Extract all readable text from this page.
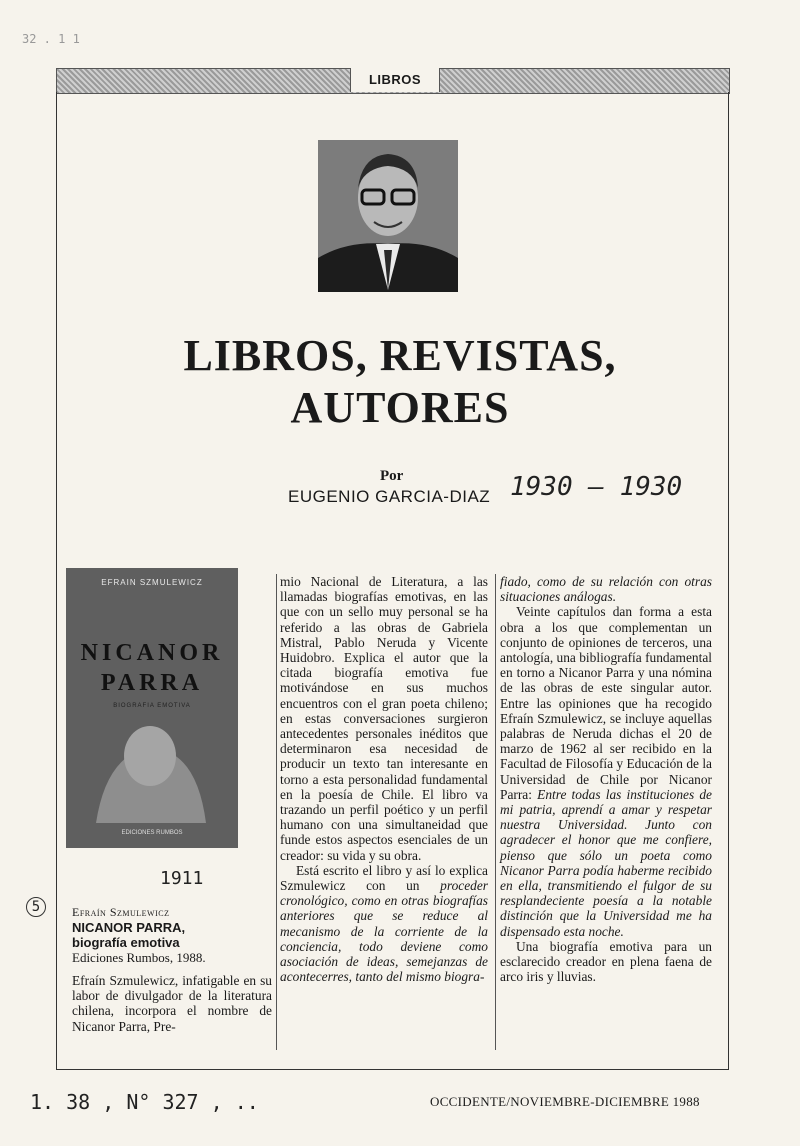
32 . 1 1
LIBROS
LIBROS, REVISTAS,
AUTORES
Por
EUGENIO GARCIA-DIAZ 1930 – 1930
EFRAIN SZMULEWICZ
NICANOR
PARRA
BIOGRAFIA EMOTIVA
EDICIONES RUMBOS
1911
5	Efraín Szmulewicz
NICANOR PARRA,
biografía emotiva
Ediciones Rumbos, 1988.

Efraín Szmulewicz, infatigable en su labor de divulgador de la literatura chilena, incorpora el nombre de Nicanor Parra, Pre-

mio Nacional de Literatura, a las llamadas biografías emotivas, en las que con un sello muy personal se ha referido a las obras de Gabriela Mistral, Pablo Neruda y Vicente Huidobro. Explica el autor que la citada biografía emotiva fue motivándose en sus muchos encuentros con el gran poeta chileno; en estas conversaciones surgieron antecedentes personales inéditos que determinaron esa necesidad de producir un texto tan interesante en torno a esta personalidad fundamental en la poesía de Chile. El libro va trazando un perfil poético y un perfil humano con una simultaneidad que funde estos aspectos esenciales de un creador: su vida y su obra.

Está escrito el libro y así lo explica Szmulewicz con un proceder cronológico, como en otras biografías anteriores que se reduce al mecanismo de la corriente de la conciencia, todo deviene como asociación de ideas, semejanzas de acontecerres, tanto del mismo biogra-

fiado, como de su relación con otras situaciones análogas.

Veinte capítulos dan forma a esta obra a los que complementan un conjunto de opiniones de terceros, una antología, una bibliografía fundamental en torno a Nicanor Parra y una nómina de las obras de este singular autor. Entre las opiniones que ha recogido Efraín Szmulewicz, se incluye aquellas palabras de Neruda dichas el 20 de marzo de 1962 al ser recibido en la Facultad de Filosofía y Educación de la Universidad de Chile por Nicanor Parra: Entre todas las instituciones de mi patria, aprendí a amar y respetar nuestra Universidad. Junto con agradecer el honor que me confiere, pienso que sólo un poeta como Nicanor Parra podía haberme recibido en ella, transmitiendo el fulgor de su resplandeciente poesía a la notable distinción que la Universidad me ha dispensado esta noche.

Una biografía emotiva para un esclarecido creador en plena faena de arco iris y lluvias.

1. 38 , N° 327 , ..	OCCIDENTE/NOVIEMBRE-DICIEMBRE 1988
